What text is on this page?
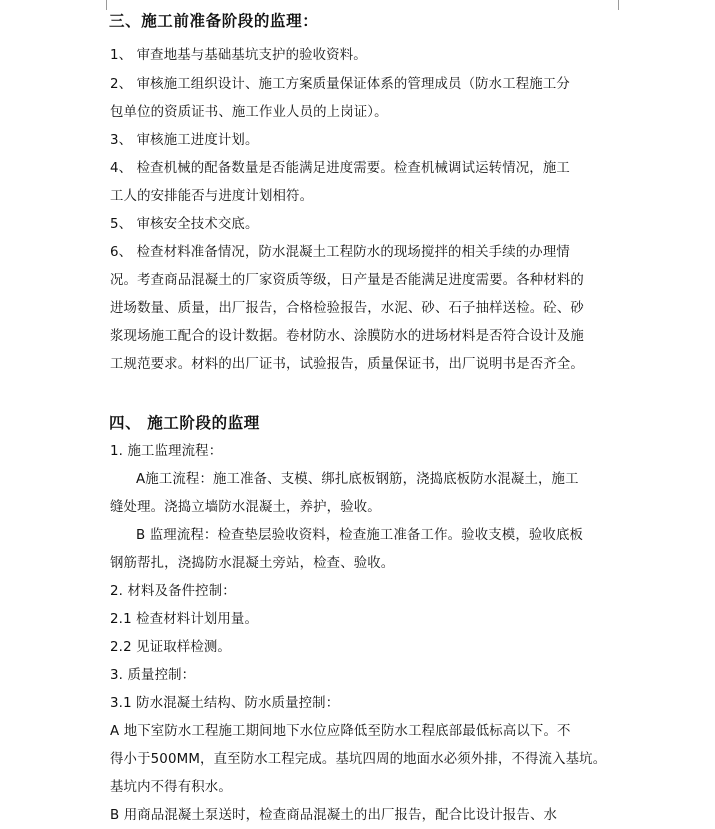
三、施工前准备阶段的监理：
1、 审查地基与基础基坑支护的验收资料。
2、 审核施工组织设计、施工方案质量保证体系的管理成员（防水工程施工分
包单位的资质证书、施工作业人员的上岗证）。
3、 审核施工进度计划。
4、 检查机械的配备数量是否能满足进度需要。检查机械调试运转情况，施工
工人的安排能否与进度计划相符。
5、 审核安全技术交底。
6、 检查材料准备情况，防水混凝土工程防水的现场搅拌的相关手续的办理情
况。考查商品混凝土的厂家资质等级，日产量是否能满足进度需要。各种材料的
进场数量、质量，出厂报告，合格检验报告，水泥、砂、石子抽样送检。砼、砂
浆现场施工配合的设计数据。卷材防水、涂膜防水的进场材料是否符合设计及施
工规范要求。材料的出厂证书，试验报告，质量保证书，出厂说明书是否齐全。
四、 施工阶段的监理
1. 施工监理流程：
A施工流程：施工准备、支模、绑扎底板钢筋，浇捣底板防水混凝土，施工
缝处理。浇捣立墙防水混凝土，养护，验收。
B 监理流程：检查垫层验收资料，检查施工准备工作。验收支模，验收底板
钢筋帮扎，浇捣防水混凝土旁站，检查、验收。
2. 材料及备件控制：
2.1 检查材料计划用量。
2.2 见证取样检测。
3. 质量控制：
3.1 防水混凝土结构、防水质量控制：
A 地下室防水工程施工期间地下水位应降低至防水工程底部最低标高以下。不
得小于500MM，直至防水工程完成。基坑四周的地面水必须外排，不得流入基坑。
基坑内不得有积水。
B 用商品混凝土泵送时，检查商品混凝土的出厂报告，配合比设计报告、水
